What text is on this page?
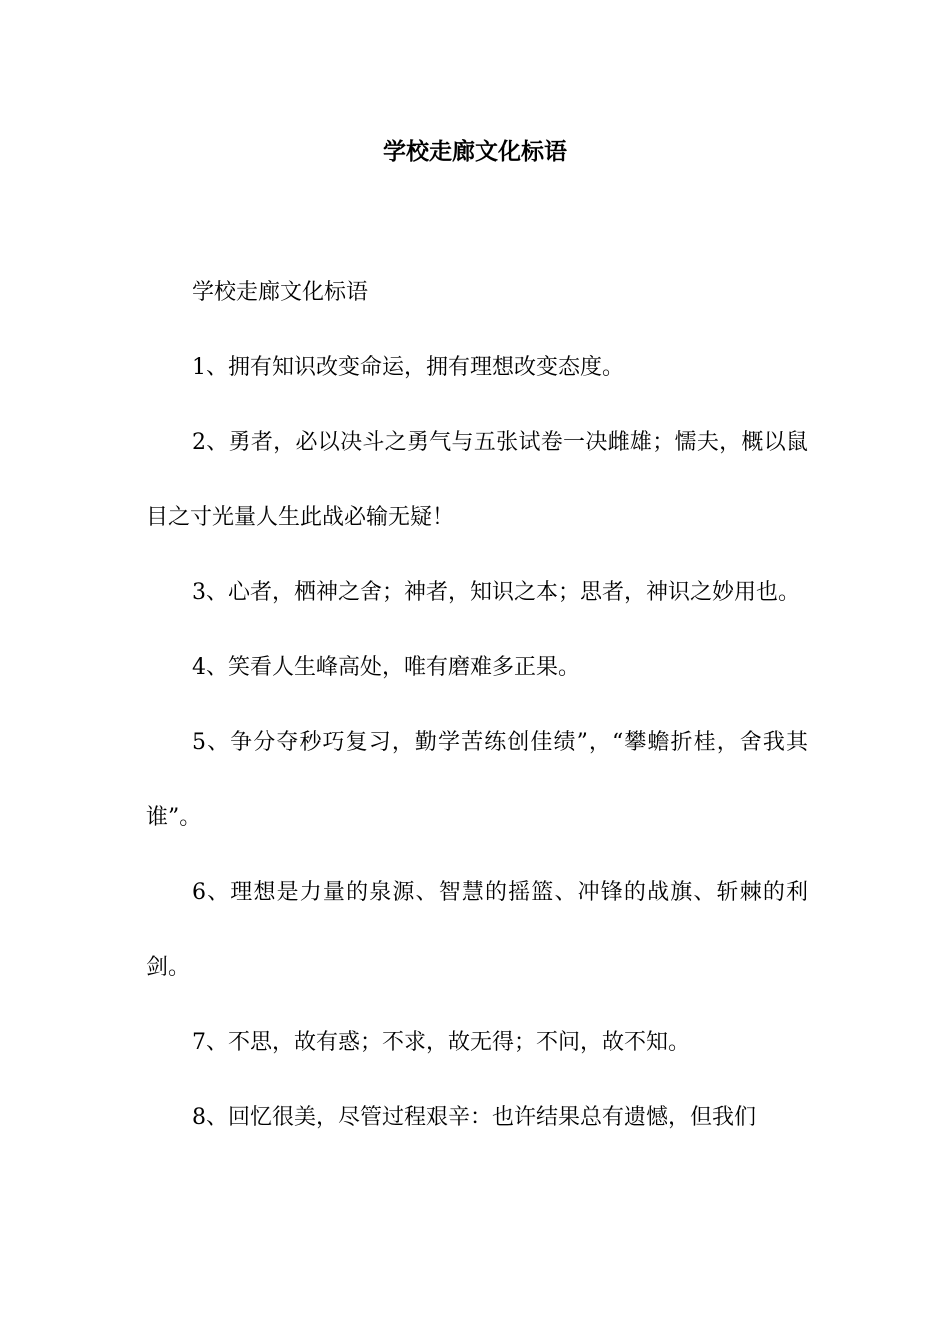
学校走廊文化标语

学校走廊文化标语

1、拥有知识改变命运，拥有理想改变态度。

2、勇者，必以决斗之勇气与五张试卷一决雌雄；懦夫，概以鼠目之寸光量人生此战必输无疑！

3、心者，栖神之舍；神者，知识之本；思者，神识之妙用也。

4、笑看人生峰高处，唯有磨难多正果。

5、争分夺秒巧复习，勤学苦练创佳绩”，“攀蟾折桂，舍我其谁”。

6、理想是力量的泉源、智慧的摇篮、冲锋的战旗、斩棘的利剑。

7、不思，故有惑；不求，故无得；不问，故不知。

8、回忆很美，尽管过程艰辛：也许结果总有遗憾，但我们
